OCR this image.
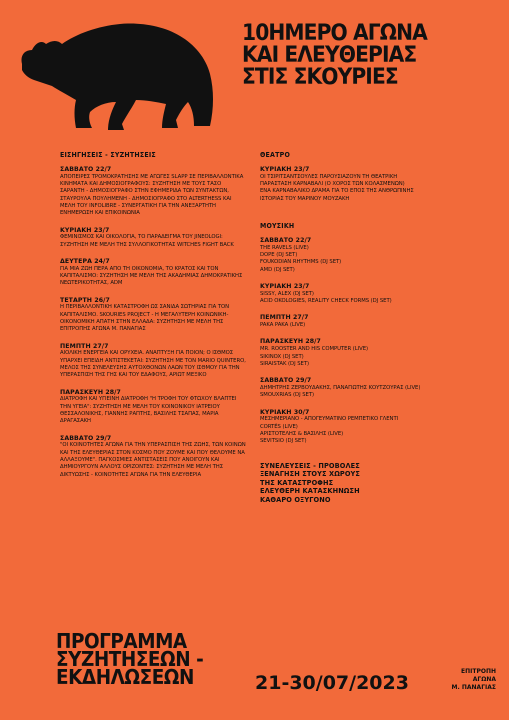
10ΗΜΕΡΟ ΑΓΩΝΑ
ΚΑΙ ΕΛΕΥΘΕΡΙΑΣ
ΣΤΙΣ ΣΚΟΥΡΙΕΣ
ΕΙΣΗΓΗΣΕΙΣ - ΣΥΖΗΤΗΣΕΙΣ
ΣΑΒΒΑΤΟ 22/7
ΑΠΟΠΕΙΡΕΣ ΤΡΟΜΟΚΡΑΤΗΣΗΣ ΜΕ ΑΓΩΓΕΣ SLAPP ΣΕ ΠΕΡΙΒΑΛΛΟΝΤΙΚΑ ΚΙΝΗΜΑΤΑ ΚΑΙ ΔΗΜΟΣΙΟΓΡΑΦΟΥΣ: ΣΥΖΗΤΗΣΗ ΜΕ ΤΟΥΣ ΤΑΣΟ ΣΑΡΑΝΤΗ - ΔΗΜΟΣΙΟΓΡΑΦΟ ΣΤΗΝ ΕΦΗΜΕΡΙΔΑ ΤΩΝ ΣΥΝΤΑΚΤΩΝ, ΣΤΑΥΡΟΥΛΑ ΠΟΥΛΗΜΕΝΗ - ΔΗΜΟΣΙΟΓΡΑΦΟ ΣΤΟ ALTERTHESS ΚΑΙ ΜΕΛΗ ΤΟΥ INFOLIBRE - ΣΥΝΕΡΓΑΤΙΚΗ ΓΙΑ ΤΗΝ ΑΝΕΞΑΡΤΗΤΗ ΕΝΗΜΕΡΩΣΗ ΚΑΙ ΕΠΙΚΟΙΝΩΝΙΑ
ΚΥΡΙΑΚΗ 23/7
ΦΕΜΙΝΙΣΜΟΣ ΚΑΙ ΟΙΚΟΛΟΓΙΑ, ΤΟ ΠΑΡΑΔΕΙΓΜΑ ΤΟΥ JINEOLOGI: ΣΥΖΗΤΗΣΗ ΜΕ ΜΕΛΗ ΤΗΣ ΣΥΛΛΟΓΙΚΟΤΗΤΑΣ WITCHES FIGHT BACK
ΔΕΥΤΕΡΑ 24/7
ΓΙΑ ΜΙΑ ΖΩΗ ΠΕΡΑ ΑΠΟ ΤΗ ΟΙΚΟΝΟΜΙΑ, ΤΟ ΚΡΑΤΟΣ ΚΑΙ ΤΟΝ ΚΑΠΙΤΑΛΙΣΜΟ: ΣΥΖΗΤΗΣΗ ΜΕ ΜΕΛΗ ΤΗΣ ΑΚΑΔΗΜΙΑΣ ΔΗΜΟΚΡΑΤΙΚΗΣ ΝΕΩΤΕΡΙΚΟΤΗΤΑΣ, ADM
ΤΕΤΑΡΤΗ 26/7
Η ΠΕΡΙΒΑΛΛΟΝΤΙΚΗ ΚΑΤΑΣΤΡΟΦΗ ΩΣ ΣΑΝΙΔΑ ΣΩΤΗΡΙΑΣ ΓΙΑ ΤΟΝ ΚΑΠΙΤΑΛΙΣΜΟ. SKOURIES PROJECT - Η ΜΕΓΑΛΥΤΕΡΗ ΚΟΙΝΩΝΙΚΗ-ΟΙΚΟΝΟΜΙΚΗ ΑΠΑΤΗ ΣΤΗΝ ΕΛΛΑΔΑ: ΣΥΖΗΤΗΣΗ ΜΕ ΜΕΛΗ ΤΗΣ ΕΠΙΤΡΟΠΗΣ ΑΓΩΝΑ Μ. ΠΑΝΑΓΙΑΣ
ΠΕΜΠΤΗ 27/7
ΑΙΟΛΙΚΗ ΕΝΕΡΓΕΙΑ ΚΑΙ ΟΡΥΧΕΙΑ. ΑΝΑΠΤΥΞΗ ΓΙΑ ΠΟΙΟΝ; Ο ΙΣΘΜΟΣ ΥΠΑΡΧΕΙ ΕΠΕΙΔΗ ΑΝΤΙΣΤΕΚΕΤΑΙ: ΣΥΖΗΤΗΣΗ ΜΕ ΤΟΝ MARIO QUINTERO, ΜΕΛΟΣ ΤΗΣ ΣΥΝΕΛΕΥΣΗΣ ΑΥΤΟΧΘΟΝΩΝ ΛΑΩΝ ΤΟΥ ΙΣΘΜΟΥ ΓΙΑ ΤΗΝ ΥΠΕΡΑΣΠΙΣΗ ΤΗΣ ΓΗΣ ΚΑΙ ΤΟΥ ΕΔΑΦΟΥΣ, ΑΡΙΩΤ ΜΕΞΙΚΟ
ΠΑΡΑΣΚΕΥΗ 28/7
ΔΙΑΤΡΟΦΗ ΚΑΙ ΥΓΙΕΙΝΗ ΔΙΑΤΡΟΦΗ "Η ΤΡΟΦΗ ΤΟΥ ΦΤΩΧΟΥ ΒΛΑΠΤΕΙ ΤΗΝ ΥΓΕΙΑ": ΣΥΖΗΤΗΣΗ ΜΕ ΜΕΛΗ ΤΟΥ ΚΟΙΝΟΝΙΚΟΥ ΙΑΤΡΕΙΟΥ ΘΕΣΣΑΛΟΝΙΚΗΣ, ΓΙΑΝΝΗΣ ΡΑΠΤΗΣ, ΒΑΣΙΛΗΣ ΤΣΑΠΑΣ, ΜΑΡΙΑ ΔΡΑΓΑΣΑΚΗ
ΣΑΒΒΑΤΟ 29/7
"ΟΙ ΚΟΙΝΟΤΗΤΕΣ ΑΓΩΝΑ ΓΙΑ ΤΗΝ ΥΠΕΡΑΣΠΙΣΗ ΤΗΣ ΖΩΗΣ, ΤΩΝ ΚΟΙΝΩΝ ΚΑΙ ΤΗΣ ΕΛΕΥΘΕΡΙΑΣ ΣΤΟΝ ΚΟΣΜΟ ΠΟΥ ΖΟΥΜΕ ΚΑΙ ΠΟΥ ΘΕΛΟΥΜΕ ΝΑ ΑΛΛΑΞΟΥΜΕ". ΠΑΓΚΟΣΜΙΕΣ ΑΝΤΙΣΤΑΣΕΙΣ ΠΟΥ ΑΝΟΙΓΟΥΝ ΚΑΙ ΔΗΜΙΟΥΡΓΟΥΝ ΑΛΛΟΥΣ ΟΡΙΖΟΝΤΕΣ: ΣΥΖΗΤΗΣΗ ΜΕ ΜΕΛΗ ΤΗΣ ΔΙΚΤΥΩΣΗΣ - ΚΟΙΝΟΤΗΤΕΣ ΑΓΩΝΑ ΓΙΑ ΤΗΝ ΕΛΕΥΘΕΡΙΑ
ΘΕΑΤΡΟ
ΚΥΡΙΑΚΗ 23/7
ΟΙ ΤΣΙΡΙΤΣΑΝΤΣΟΥΛΕΣ ΠΑΡΟΥΣΙΑΖΟΥΝ ΤΗ ΘΕΑΤΡΙΚΗ
ΠΑΡΑΣΤΑΣΗ ΚΑΡΝΑΒΑΛΙ (Ο ΧΟΡΟΣ ΤΩΝ ΚΟΛΑΣΜΕΝΩΝ)
ΕΝΑ ΚΑΡΝΑΒΑΛΙΚΟ ΔΡΑΜΑ ΓΙΑ ΤΟ ΕΠΟΣ ΤΗΣ ΑΝΘΡΩΠΙΝΗΣ
ΙΣΤΟΡΙΑΣ ΤΟΥ ΜΑΡΙΝΟΥ ΜΟΥΖΑΚΗ
ΜΟΥΣΙΚΗ
ΣΑΒΒΑΤΟ 22/7
THE RAVELS (LIVE)
DOPE (DJ SET)
FOUKODIAN RHYTHMS (DJ SET)
AMD (DJ SET)
ΚΥΡΙΑΚΗ 23/7
SISSY, ALEX (DJ SET)
ACID OKOLOGIES, REALITY CHECK FORMS (DJ SET)
ΠΕΜΠΤΗ 27/7
PAKA PAKA (LIVE)
ΠΑΡΑΣΚΕΥΗ 28/7
MR. ROOSTER AND HIS COMPUTER (LIVE)
SIKINOX (DJ SET)
SIRAISTAK (DJ SET)
ΣΑΒΒΑΤΟ 29/7
ΔΗΜΗΤΡΗΣ ΖΕΡΒΟΥΔΑΚΗΣ, ΠΑΝΑΓΙΩΤΗΣ ΚΟΥΤΖΟΥΡΑΣ (LIVE)
SMOUXRIAS (DJ SET)
ΚΥΡΙΑΚΗ 30/7
ΜΕΣΗΜΕΡΙΑΝΟ - ΑΠΟΓΕΥΜΑΤΙΝΟ ΡΕΜΠΕΤΙΚΟ ΓΛΕΝΤΙ
CORTÉS (LIVE)
ΑΡΙΣΤΟΤΕΛΗΣ & ΒΑΣΙΛΗΣ (LIVE)
SEVITSIO (DJ SET)
ΣΥΝΕΛΕΥΣΕΙΣ - ΠΡΟΒΟΛΕΣ
ΞΕΝΑΓΗΣΗ ΣΤΟΥΣ ΧΩΡΟΥΣ
ΤΗΣ ΚΑΤΑΣΤΡΟΦΗΣ
ΕΛΕΥΘΕΡΗ ΚΑΤΑΣΚΗΝΩΣΗ
ΚΑΘΑΡΟ ΟΞΥΓΟΝΟ
ΠΡΟΓΡΑΜΜΑ
ΣΥΖΗΤΗΣΕΩΝ -
ΕΚΔΗΛΩΣΕΩΝ	21-30/07/2023
ΕΠΙΤΡΟΠΗ
ΑΓΩΝΑ
Μ. ΠΑΝΑΓΙΑΣ
